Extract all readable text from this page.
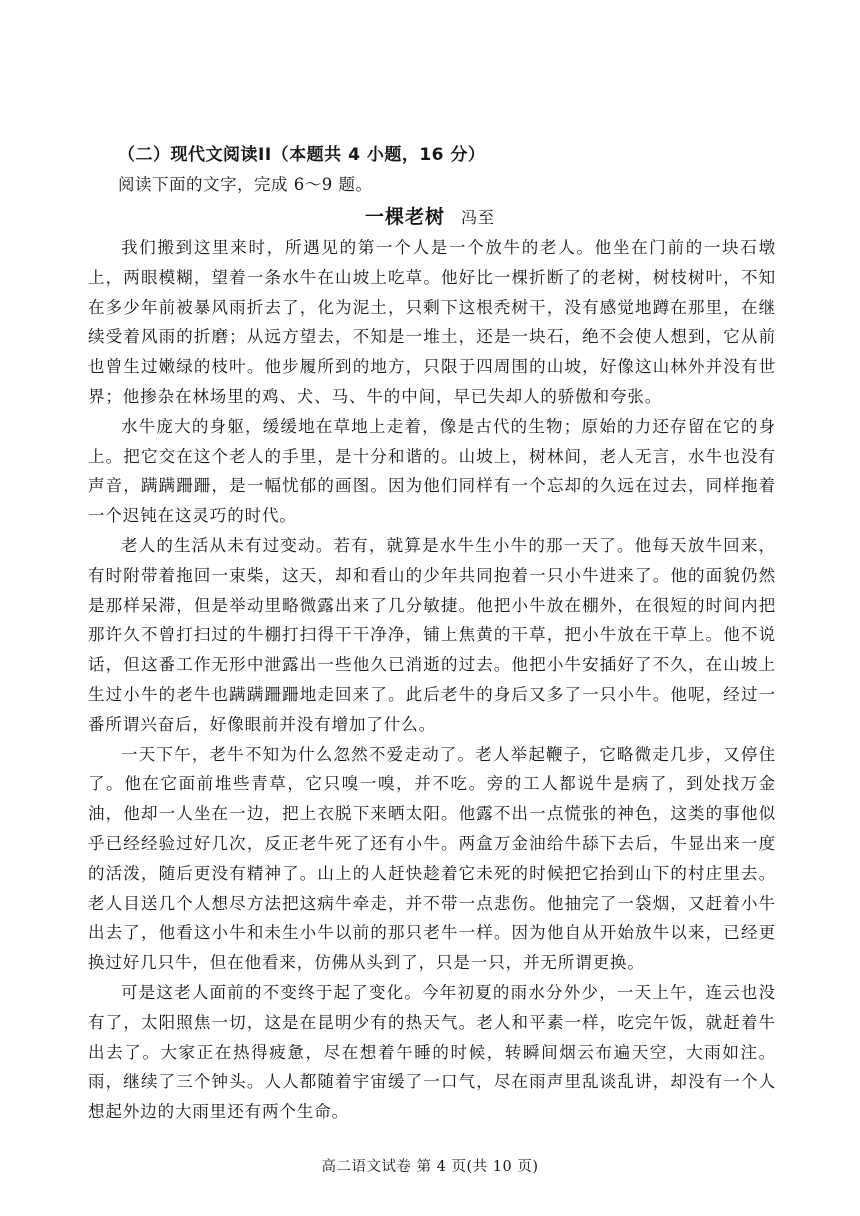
（二）现代文阅读II（本题共 4 小题，16 分）
阅读下面的文字，完成 6～9 题。
一棵老树 冯至

我们搬到这里来时，所遇见的第一个人是一个放牛的老人。他坐在门前的一块石墩上，两眼模糊，望着一条水牛在山坡上吃草。他好比一棵折断了的老树，树枝树叶，不知在多少年前被暴风雨折去了，化为泥土，只剩下这根秃树干，没有感觉地蹲在那里，在继续受着风雨的折磨；从远方望去，不知是一堆土，还是一块石，绝不会使人想到，它从前也曾生过嫩绿的枝叶。他步履所到的地方，只限于四周围的山坡，好像这山林外并没有世界；他掺杂在林场里的鸡、犬、马、牛的中间，早已失却人的骄傲和夸张。

水牛庞大的身躯，缓缓地在草地上走着，像是古代的生物；原始的力还存留在它的身上。把它交在这个老人的手里，是十分和谐的。山坡上，树林间，老人无言，水牛也没有声音，蹒蹒跚跚，是一幅忧郁的画图。因为他们同样有一个忘却的久远在过去，同样拖着一个迟钝在这灵巧的时代。

老人的生活从未有过变动。若有，就算是水牛生小牛的那一天了。他每天放牛回来，有时附带着拖回一束柴，这天，却和看山的少年共同抱着一只小牛进来了。他的面貌仍然是那样呆滞，但是举动里略微露出来了几分敏捷。他把小牛放在棚外，在很短的时间内把那许久不曾打扫过的牛棚打扫得干干净净，铺上焦黄的干草，把小牛放在干草上。他不说话，但这番工作无形中泄露出一些他久已消逝的过去。他把小牛安插好了不久，在山坡上生过小牛的老牛也蹒蹒跚跚地走回来了。此后老牛的身后又多了一只小牛。他呢，经过一番所谓兴奋后，好像眼前并没有增加了什么。

一天下午，老牛不知为什么忽然不爱走动了。老人举起鞭子，它略微走几步，又停住了。他在它面前堆些青草，它只嗅一嗅，并不吃。旁的工人都说牛是病了，到处找万金油，他却一人坐在一边，把上衣脱下来晒太阳。他露不出一点慌张的神色，这类的事他似乎已经经验过好几次，反正老牛死了还有小牛。两盒万金油给牛舔下去后，牛显出来一度的活泼，随后更没有精神了。山上的人赶快趁着它未死的时候把它抬到山下的村庄里去。老人目送几个人想尽方法把这病牛牵走，并不带一点悲伤。他抽完了一袋烟，又赶着小牛出去了，他看这小牛和未生小牛以前的那只老牛一样。因为他自从开始放牛以来，已经更换过好几只牛，但在他看来，仿佛从头到了，只是一只，并无所谓更换。

可是这老人面前的不变终于起了变化。今年初夏的雨水分外少，一天上午，连云也没有了，太阳照焦一切，这是在昆明少有的热天气。老人和平素一样，吃完午饭，就赶着牛出去了。大家正在热得疲惫，尽在想着午睡的时候，转瞬间烟云布遍天空，大雨如注。雨，继续了三个钟头。人人都随着宇宙缓了一口气，尽在雨声里乱谈乱讲，却没有一个人想起外边的大雨里还有两个生命。

高二语文试卷 第 4 页(共 10 页)
